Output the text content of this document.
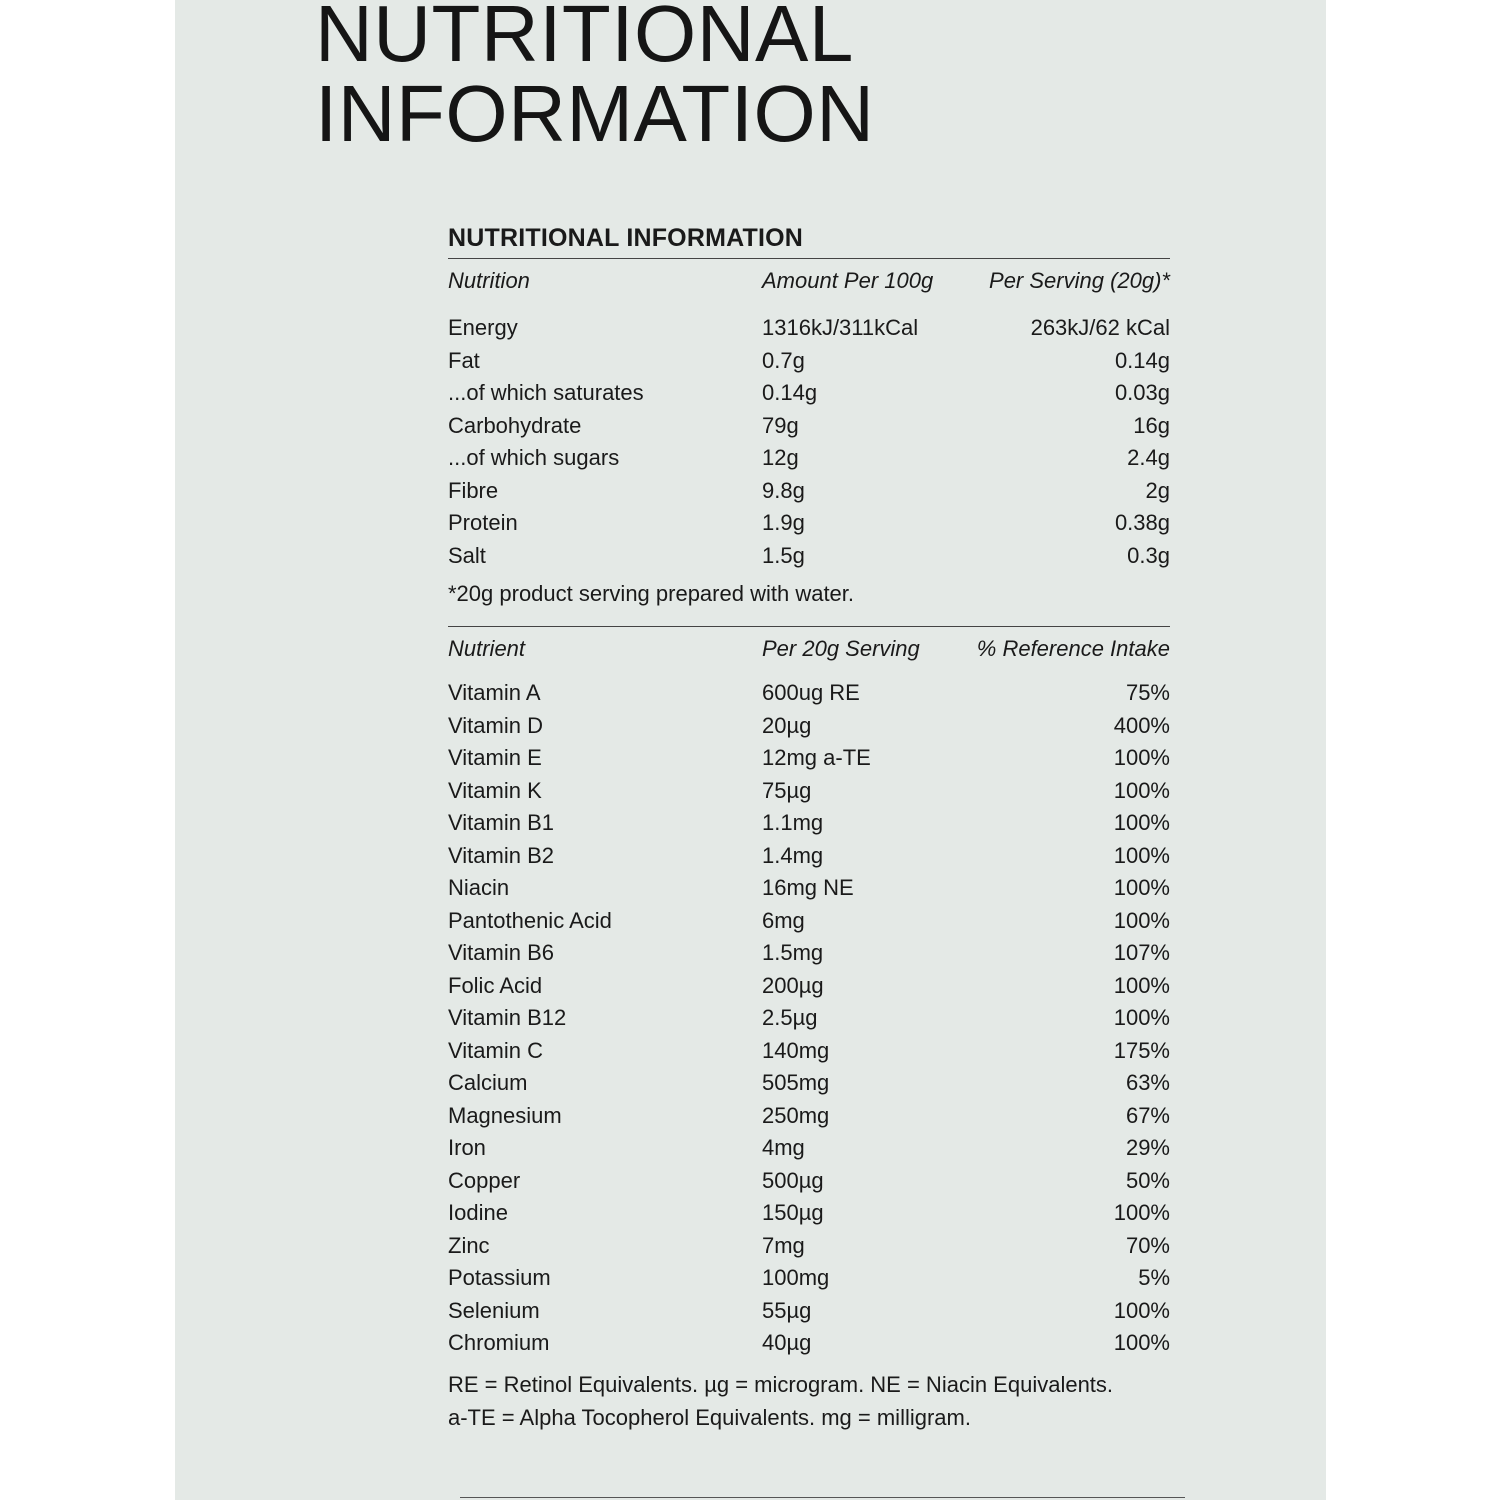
NUTRITIONAL
INFORMATION
NUTRITIONAL INFORMATION
Nutrition	Amount Per 100g	Per Serving (20g)*
Energy	1316kJ/311kCal	263kJ/62 kCal
Fat	0.7g	0.14g
...of which saturates	0.14g	0.03g
Carbohydrate	79g	16g
...of which sugars	12g	2.4g
Fibre	9.8g	2g
Protein	1.9g	0.38g
Salt	1.5g	0.3g
*20g product serving prepared with water.
Nutrient	Per 20g Serving	% Reference Intake
Vitamin A	600ug RE	75%
Vitamin D	20µg	400%
Vitamin E	12mg a-TE	100%
Vitamin K	75µg	100%
Vitamin B1	1.1mg	100%
Vitamin B2	1.4mg	100%
Niacin	16mg NE	100%
Pantothenic Acid	6mg	100%
Vitamin B6	1.5mg	107%
Folic Acid	200µg	100%
Vitamin B12	2.5µg	100%
Vitamin C	140mg	175%
Calcium	505mg	63%
Magnesium	250mg	67%
Iron	4mg	29%
Copper	500µg	50%
Iodine	150µg	100%
Zinc	7mg	70%
Potassium	100mg	5%
Selenium	55µg	100%
Chromium	40µg	100%
RE = Retinol Equivalents. µg = microgram. NE = Niacin Equivalents.
a-TE = Alpha Tocopherol Equivalents. mg = milligram.
